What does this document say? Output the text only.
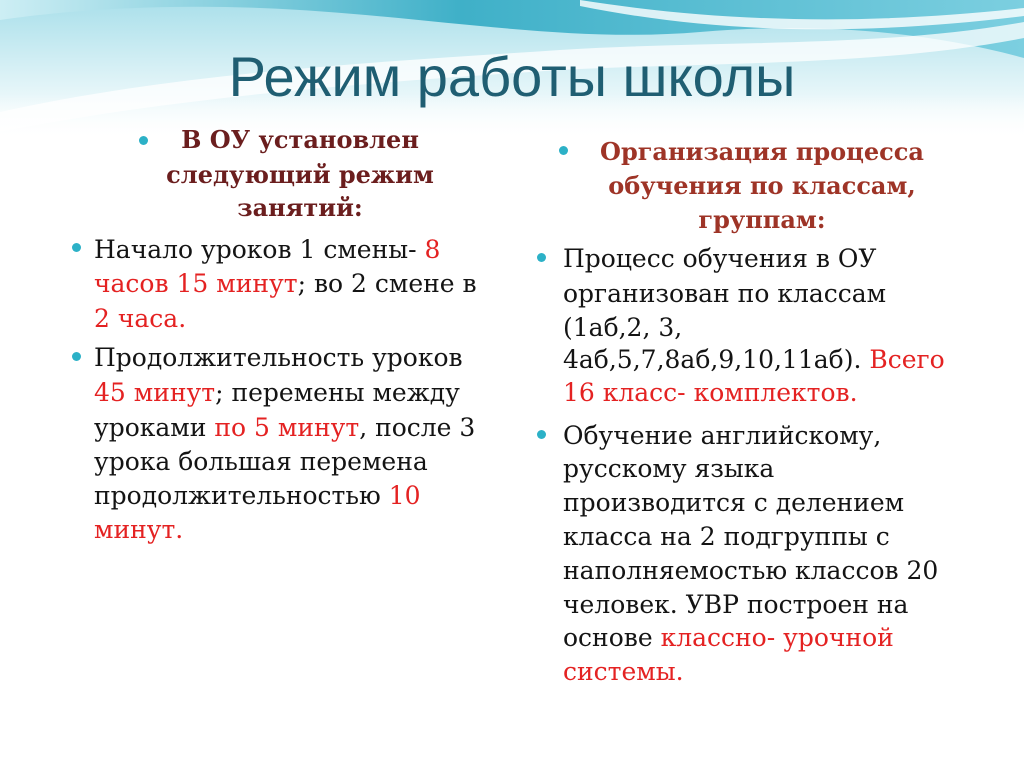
Режим работы школы
В ОУ установлен
следующий режим
занятий:
Начало уроков 1 смены- 8
часов 15 минут; во 2 смене в
2 часа.
Продолжительность уроков
45 минут; перемены между
уроками по 5 минут, после 3
урока большая перемена
продолжительностью 10
минут.
Организация процесса
обучения по классам,
группам:
Процесс обучения в ОУ
организован по классам
(1аб,2, 3,
4аб,5,7,8аб,9,10,11аб). Всего
16 класс- комплектов.
Обучение английскому,
русскому языка
производится с делением
класса на 2 подгруппы с
наполняемостью классов 20
человек. УВР построен на
основе классно- урочной
системы.
